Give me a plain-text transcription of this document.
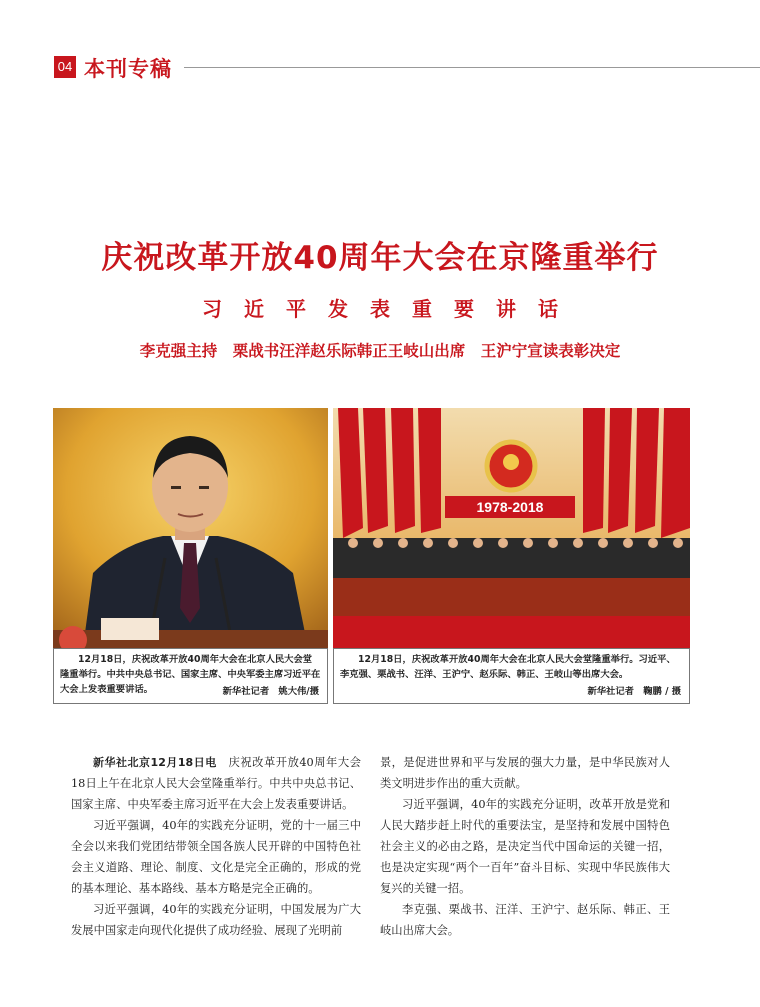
04 本刊专稿
庆祝改革开放40周年大会在京隆重举行
习近平发表重要讲话
李克强主持　栗战书汪洋赵乐际韩正王岐山出席　王沪宁宣读表彰决定
1978-2018

12月18日，庆祝改革开放40周年大会在北京人民大会堂隆重举行。中共中央总书记、国家主席、中央军委主席习近平在大会上发表重要讲话。	新华社记者　姚大伟/摄

12月18日，庆祝改革开放40周年大会在北京人民大会堂隆重举行。习近平、李克强、栗战书、汪洋、王沪宁、赵乐际、韩正、王岐山等出席大会。

新华社记者　鞠鹏 / 摄

新华社北京12月18日电　 庆祝改革开放40周年大会18日上午在北京人民大会堂隆重举行。中共中央总书记、国家主席、中央军委主席习近平在大会上发表重要讲话。

习近平强调，40年的实践充分证明，党的十一届三中全会以来我们党团结带领全国各族人民开辟的中国特色社会主义道路、理论、制度、文化是完全正确的，形成的党的基本理论、基本路线、基本方略是完全正确的。

习近平强调，40年的实践充分证明，中国发展为广大发展中国家走向现代化提供了成功经验、展现了光明前

景，是促进世界和平与发展的强大力量，是中华民族对人类文明进步作出的重大贡献。

习近平强调，40年的实践充分证明，改革开放是党和人民大踏步赶上时代的重要法宝，是坚持和发展中国特色社会主义的必由之路，是决定当代中国命运的关键一招，也是决定实现“两个一百年”奋斗目标、实现中华民族伟大复兴的关键一招。

李克强、栗战书、汪洋、王沪宁、赵乐际、韩正、王岐山出席大会。
